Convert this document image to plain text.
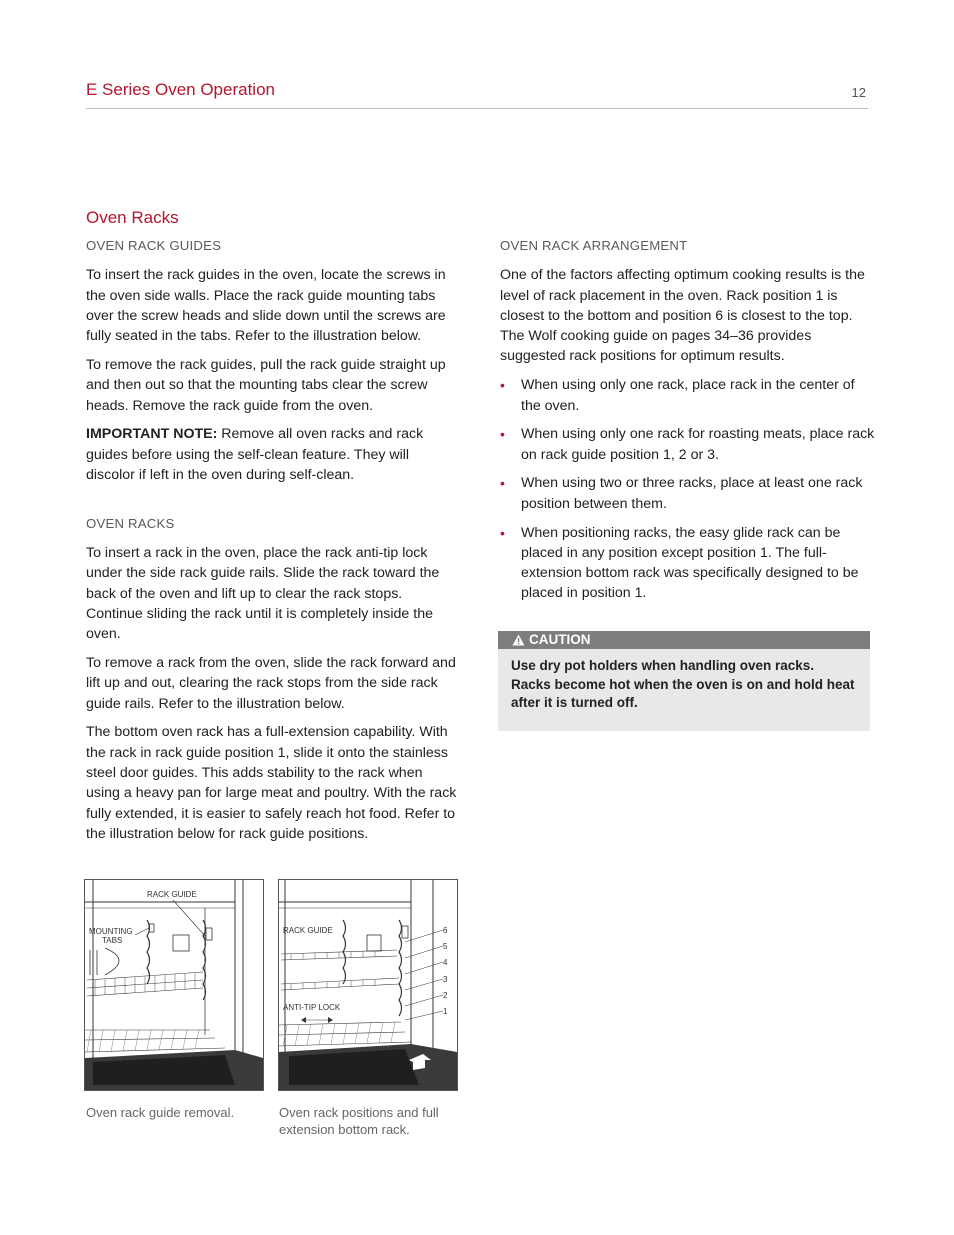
E Series Oven Operation	12
Oven Racks
OVEN RACK GUIDES

To insert the rack guides in the oven, locate the screws in the oven side walls. Place the rack guide mounting tabs over the screw heads and slide down until the screws are fully seated in the tabs. Refer to the illustration below.

To remove the rack guides, pull the rack guide straight up and then out so that the mounting tabs clear the screw heads. Remove the rack guide from the oven.

IMPORTANT NOTE: Remove all oven racks and rack guides before using the self-clean feature. They will discolor if left in the oven during self-clean.

OVEN RACKS

To insert a rack in the oven, place the rack anti-tip lock under the side rack guide rails. Slide the rack toward the back of the oven and lift up to clear the rack stops. Continue sliding the rack until it is completely inside the oven.

To remove a rack from the oven, slide the rack forward and lift up and out, clearing the rack stops from the side rack guide rails. Refer to the illustration below.

The bottom oven rack has a full-extension capability. With the rack in rack guide position 1, slide it onto the stainless steel door guides. This adds stability to the rack when using a heavy pan for large meat and poultry. With the rack fully extended, it is easier to safely reach hot food. Refer to the illustration below for rack guide positions.

OVEN RACK ARRANGEMENT

One of the factors affecting optimum cooking results is the level of rack placement in the oven. Rack position 1 is closest to the bottom and position 6 is closest to the top. The Wolf cooking guide on pages 34–36 provides suggested rack positions for optimum results.

• When using only one rack, place rack in the center of the oven.
• When using only one rack for roasting meats, place rack on rack guide position 1, 2 or 3.
• When using two or three racks, place at least one rack position between them.
• When positioning racks, the easy glide rack can be placed in any position except position 1. The full-extension bottom rack was specifically designed to be placed in position 1.
CAUTION
Use dry pot holders when handling oven racks. Racks become hot when the oven is on and hold heat after it is turned off.
RACK GUIDE
MOUNTING
TABS
6
5
4
3
2
1
RACK GUIDE
ANTI-TIP LOCK
Oven rack guide removal.	Oven rack positions and full extension bottom rack.
